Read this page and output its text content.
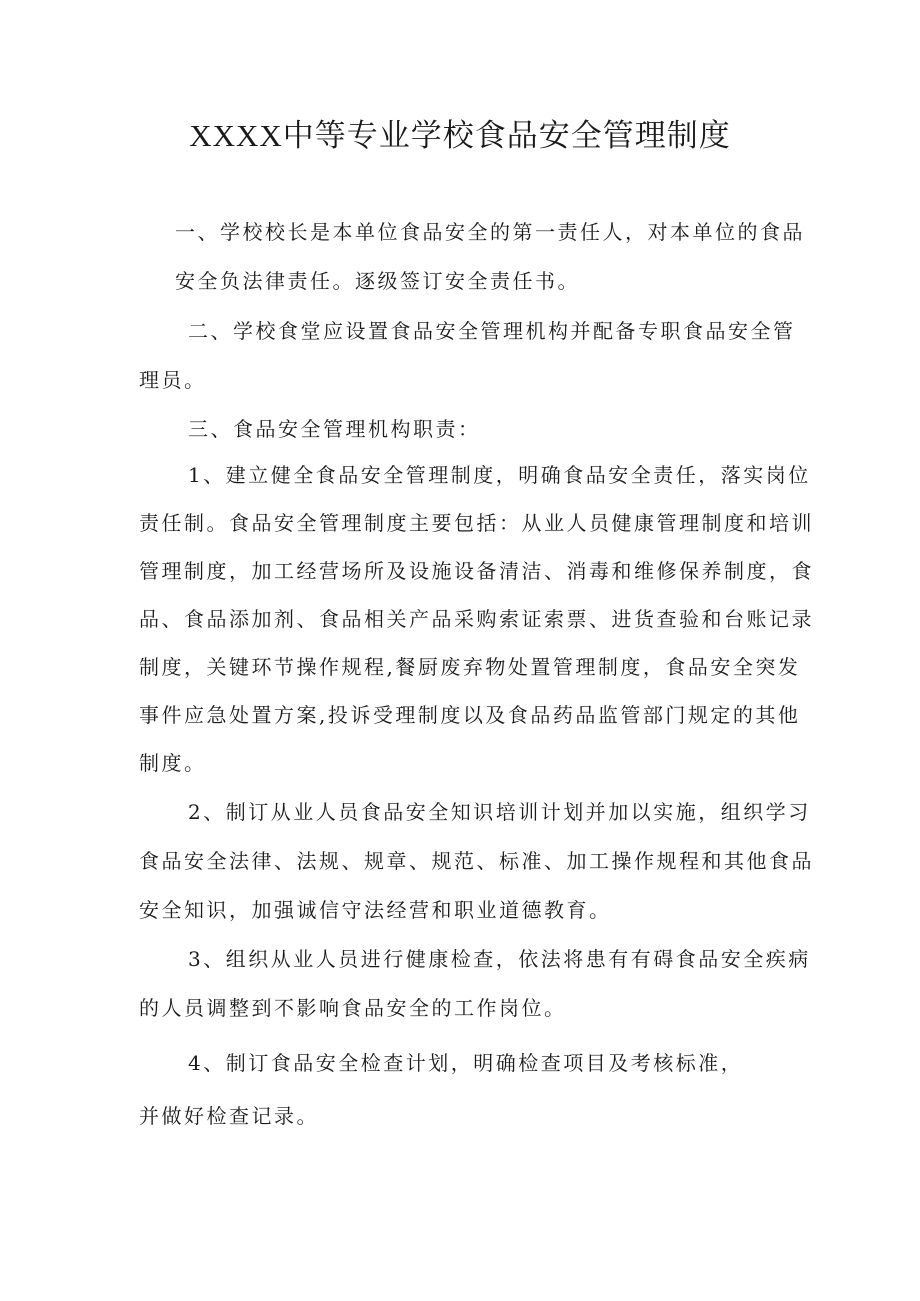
XXXX中等专业学校食品安全管理制度
一、学校校长是本单位食品安全的第一责任人，对本单位的食品
安全负法律责任。逐级签订安全责任书。
二、学校食堂应设置食品安全管理机构并配备专职食品安全管
理员。
三、食品安全管理机构职责：
1、建立健全食品安全管理制度，明确食品安全责任，落实岗位
责任制。食品安全管理制度主要包括：从业人员健康管理制度和培训
管理制度，加工经营场所及设施设备清洁、消毒和维修保养制度，食
品、食品添加剂、食品相关产品采购索证索票、进货查验和台账记录
制度，关键环节操作规程,餐厨废弃物处置管理制度，食品安全突发
事件应急处置方案,投诉受理制度以及食品药品监管部门规定的其他
制度。
2、制订从业人员食品安全知识培训计划并加以实施，组织学习
食品安全法律、法规、规章、规范、标准、加工操作规程和其他食品
安全知识，加强诚信守法经营和职业道德教育。
3、组织从业人员进行健康检查，依法将患有有碍食品安全疾病
的人员调整到不影响食品安全的工作岗位。
4、制订食品安全检查计划，明确检查项目及考核标准，
并做好检查记录。
